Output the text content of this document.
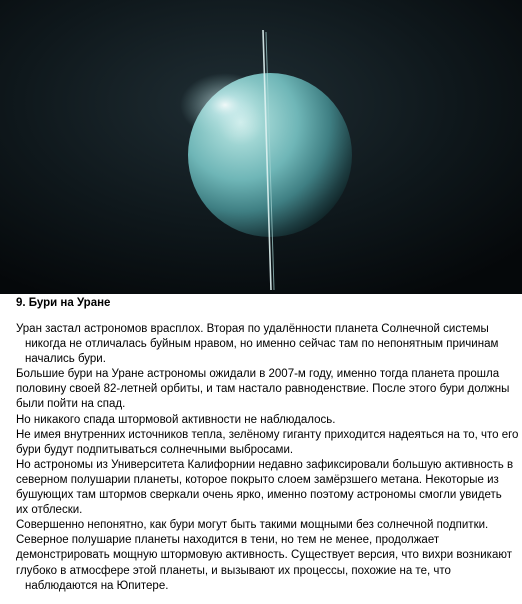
9. Бури на Уране
Уран застал астрономов врасплох. Вторая по удалённости планета Солнечной системы
никогда не отличалась буйным нравом, но именно сейчас там по непонятным причинам
начались бури.
Большие бури на Уране астрономы ожидали в 2007-м году, именно тогда планета прошла
половину своей 82-летней орбиты, и там настало равноденствие. После этого бури должны
были пойти на спад.
Но никакого спада штормовой активности не наблюдалось.
Не имея внутренних источников тепла, зелёному гиганту приходится надеяться на то, что его
бури будут подпитываться солнечными выбросами.
Но астрономы из Университета Калифорнии недавно зафиксировали большую активность в
северном полушарии планеты, которое покрыто слоем замёрзшего метана. Некоторые из
бушующих там штормов сверкали очень ярко, именно поэтому астрономы смогли увидеть
их отблески.
Совершенно непонятно, как бури могут быть такими мощными без солнечной подпитки.
Северное полушарие планеты находится в тени, но тем не менее, продолжает
демонстрировать мощную штормовую активность. Существует версия, что вихри возникают
глубоко в атмосфере этой планеты, и вызывают их процессы, похожие на те, что
наблюдаются на Юпитере.
